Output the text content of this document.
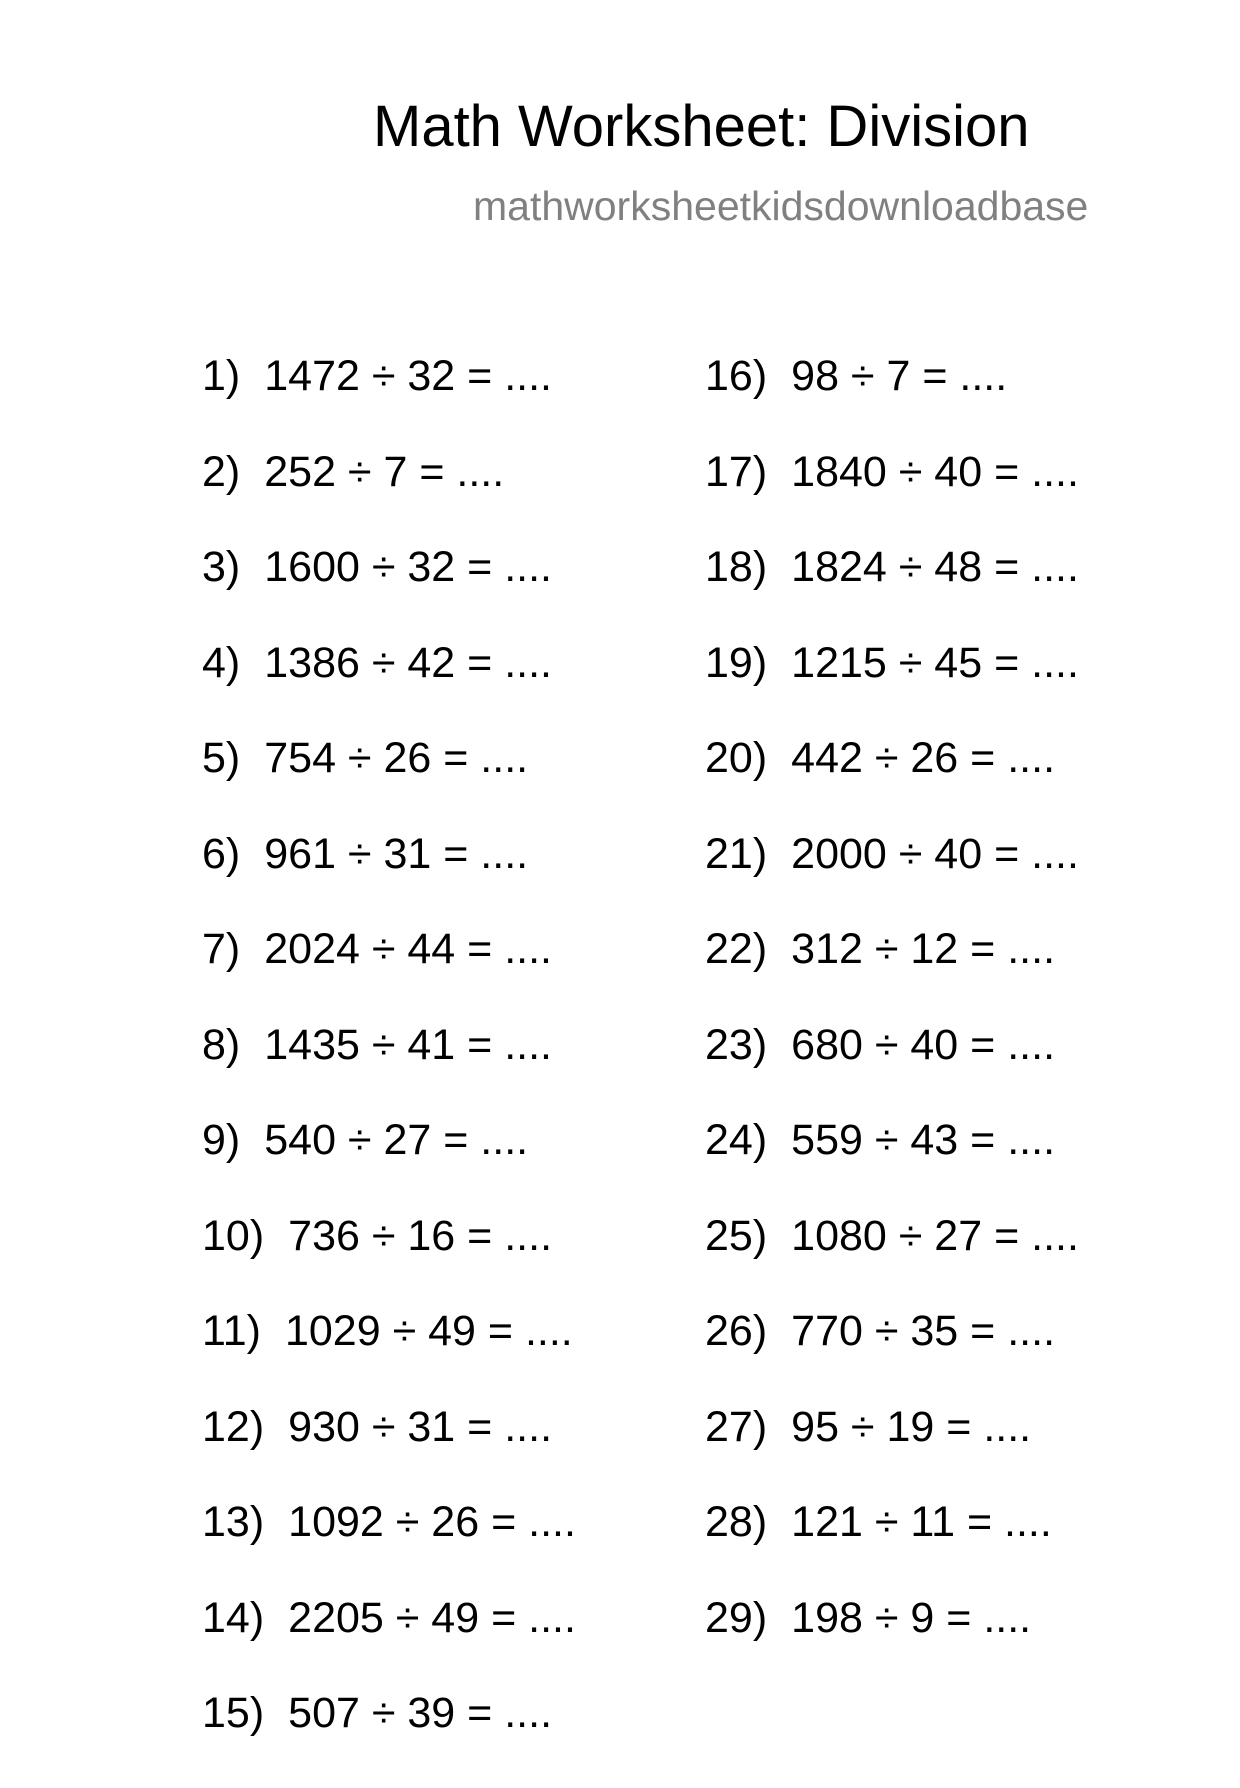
Math Worksheet: Division
mathworksheetkidsdownloadbase
1) 1472 ÷ 32 = ....
2) 252 ÷ 7 = ....
3) 1600 ÷ 32 = ....
4) 1386 ÷ 42 = ....
5) 754 ÷ 26 = ....
6) 961 ÷ 31 = ....
7) 2024 ÷ 44 = ....
8) 1435 ÷ 41 = ....
9) 540 ÷ 27 = ....
10) 736 ÷ 16 = ....
11) 1029 ÷ 49 = ....
12) 930 ÷ 31 = ....
13) 1092 ÷ 26 = ....
14) 2205 ÷ 49 = ....
15) 507 ÷ 39 = ....
16) 98 ÷ 7 = ....
17) 1840 ÷ 40 = ....
18) 1824 ÷ 48 = ....
19) 1215 ÷ 45 = ....
20) 442 ÷ 26 = ....
21) 2000 ÷ 40 = ....
22) 312 ÷ 12 = ....
23) 680 ÷ 40 = ....
24) 559 ÷ 43 = ....
25) 1080 ÷ 27 = ....
26) 770 ÷ 35 = ....
27) 95 ÷ 19 = ....
28) 121 ÷ 11 = ....
29) 198 ÷ 9 = ....
